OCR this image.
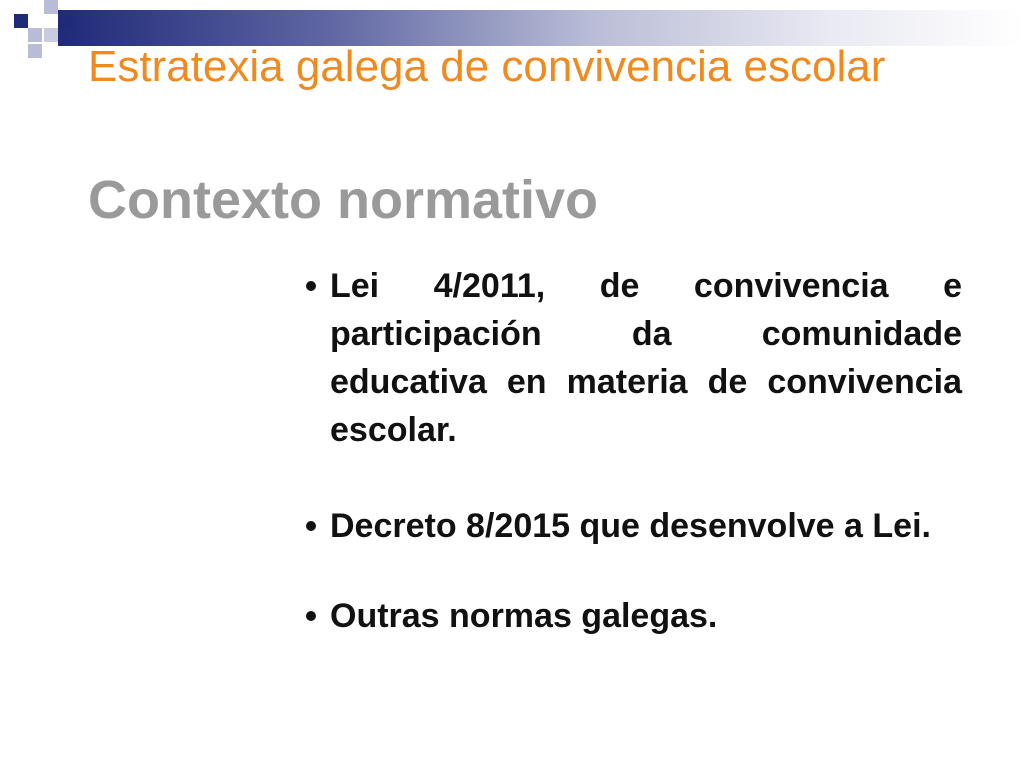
Estratexia galega de convivencia escolar
Contexto normativo
Lei 4/2011, de convivencia e participación da comunidade educativa en materia de convivencia escolar.
Decreto 8/2015 que desenvolve a Lei.
Outras normas galegas.
